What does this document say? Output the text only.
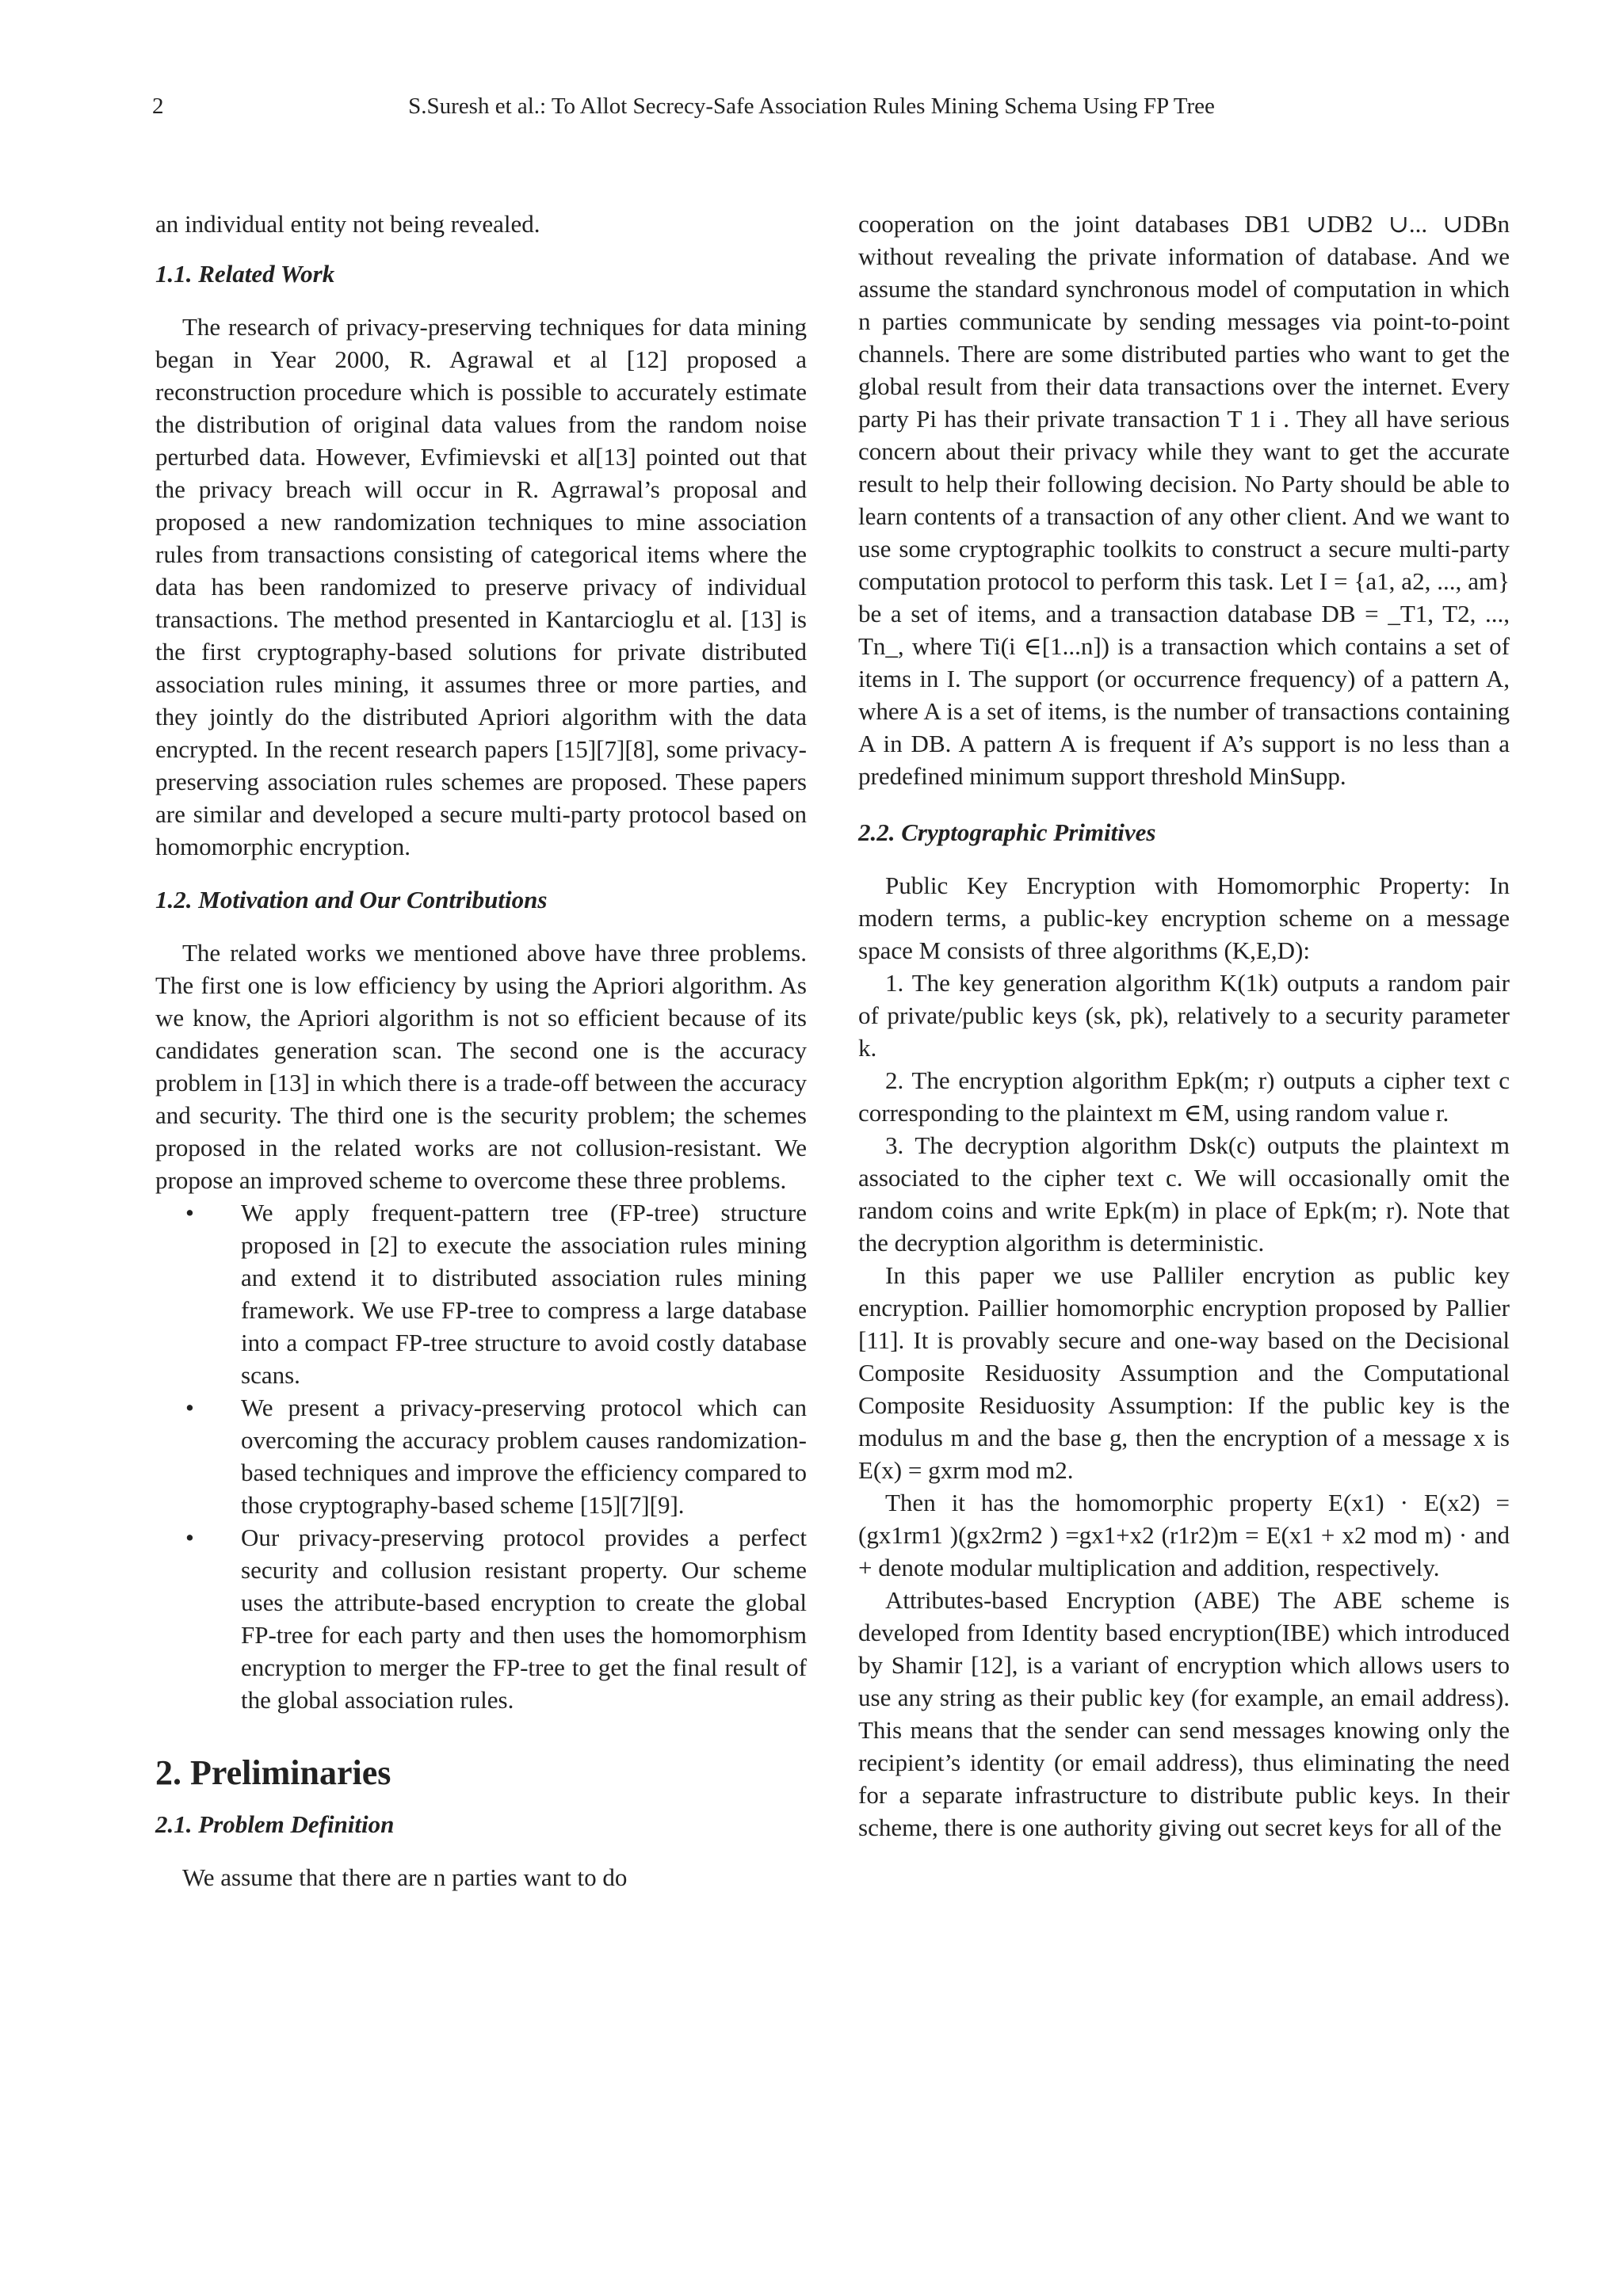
2	S.Suresh et al.: To Allot Secrecy-Safe Association Rules Mining Schema Using FP Tree

an individual entity not being revealed.

1.1. Related Work

The research of privacy-preserving techniques for data mining began in Year 2000, R. Agrawal et al [12] proposed a reconstruction procedure which is possible to accurately estimate the distribution of original data values from the random noise perturbed data. However, Evfimievski et al[13] pointed out that the privacy breach will occur in R. Agrrawal’s proposal and proposed a new randomization techniques to mine association rules from transactions consisting of categorical items where the data has been randomized to preserve privacy of individual transactions. The method presented in Kantarcioglu et al. [13] is the first cryptography-based solutions for private distributed association rules mining, it assumes three or more parties, and they jointly do the distributed Apriori algorithm with the data encrypted. In the recent research papers [15][7][8], some privacy-preserving association rules schemes are proposed. These papers are similar and developed a secure multi-party protocol based on homomorphic encryption.

1.2. Motivation and Our Contributions

The related works we mentioned above have three problems. The first one is low efficiency by using the Apriori algorithm. As we know, the Apriori algorithm is not so efficient because of its candidates generation scan. The second one is the accuracy problem in [13] in which there is a trade-off between the accuracy and security. The third one is the security problem; the schemes proposed in the related works are not collusion-resistant. We propose an improved scheme to overcome these three problems.

• We apply frequent-pattern tree (FP-tree) structure proposed in [2] to execute the association rules mining and extend it to distributed association rules mining framework. We use FP-tree to compress a large database into a compact FP-tree structure to avoid costly database scans.
• We present a privacy-preserving protocol which can overcoming the accuracy problem causes randomization-based techniques and improve the efficiency compared to those cryptography-based scheme [15][7][9].
• Our privacy-preserving protocol provides a perfect security and collusion resistant property. Our scheme uses the attribute-based encryption to create the global FP-tree for each party and then uses the homomorphism encryption to merger the FP-tree to get the final result of the global association rules.
2. Preliminaries

2.1. Problem Definition

We assume that there are n parties want to do

cooperation on the joint databases DB1 ∪DB2 ∪... ∪DBn without revealing the private information of database. And we assume the standard synchronous model of computation in which n parties communicate by sending messages via point-to-point channels. There are some distributed parties who want to get the global result from their data transactions over the internet. Every party Pi has their private transaction T 1 i . They all have serious concern about their privacy while they want to get the accurate result to help their following decision. No Party should be able to learn contents of a transaction of any other client. And we want to use some cryptographic toolkits to construct a secure multi-party computation protocol to perform this task. Let I = {a1, a2, ..., am} be a set of items, and a transaction database DB = _T1, T2, ..., Tn_, where Ti(i ∈[1...n]) is a transaction which contains a set of items in I. The support (or occurrence frequency) of a pattern A, where A is a set of items, is the number of transactions containing A in DB. A pattern A is frequent if A’s support is no less than a predefined minimum support threshold MinSupp.

2.2. Cryptographic Primitives

Public Key Encryption with Homomorphic Property: In modern terms, a public-key encryption scheme on a message space M consists of three algorithms (K,E,D):

1. The key generation algorithm K(1k) outputs a random pair of private/public keys (sk, pk), relatively to a security parameter k.

2. The encryption algorithm Epk(m; r) outputs a cipher text c corresponding to the plaintext m ∈M, using random value r.

3. The decryption algorithm Dsk(c) outputs the plaintext m associated to the cipher text c. We will occasionally omit the random coins and write Epk(m) in place of Epk(m; r). Note that the decryption algorithm is deterministic.

In this paper we use Palliler encrytion as public key encryption. Paillier homomorphic encryption proposed by Pallier [11]. It is provably secure and one-way based on the Decisional Composite Residuosity Assumption and the Computational Composite Residuosity Assumption: If the public key is the modulus m and the base g, then the encryption of a message x is E(x) = gxrm mod m2.

Then it has the homomorphic property E(x1) · E(x2) = (gx1rm1 )(gx2rm2 ) =gx1+x2 (r1r2)m = E(x1 + x2 mod m) · and + denote modular multiplication and addition, respectively.

Attributes-based Encryption (ABE) The ABE scheme is developed from Identity based encryption(IBE) which introduced by Shamir [12], is a variant of encryption which allows users to use any string as their public key (for example, an email address). This means that the sender can send messages knowing only the recipient’s identity (or email address), thus eliminating the need for a separate infrastructure to distribute public keys. In their scheme, there is one authority giving out secret keys for all of the
